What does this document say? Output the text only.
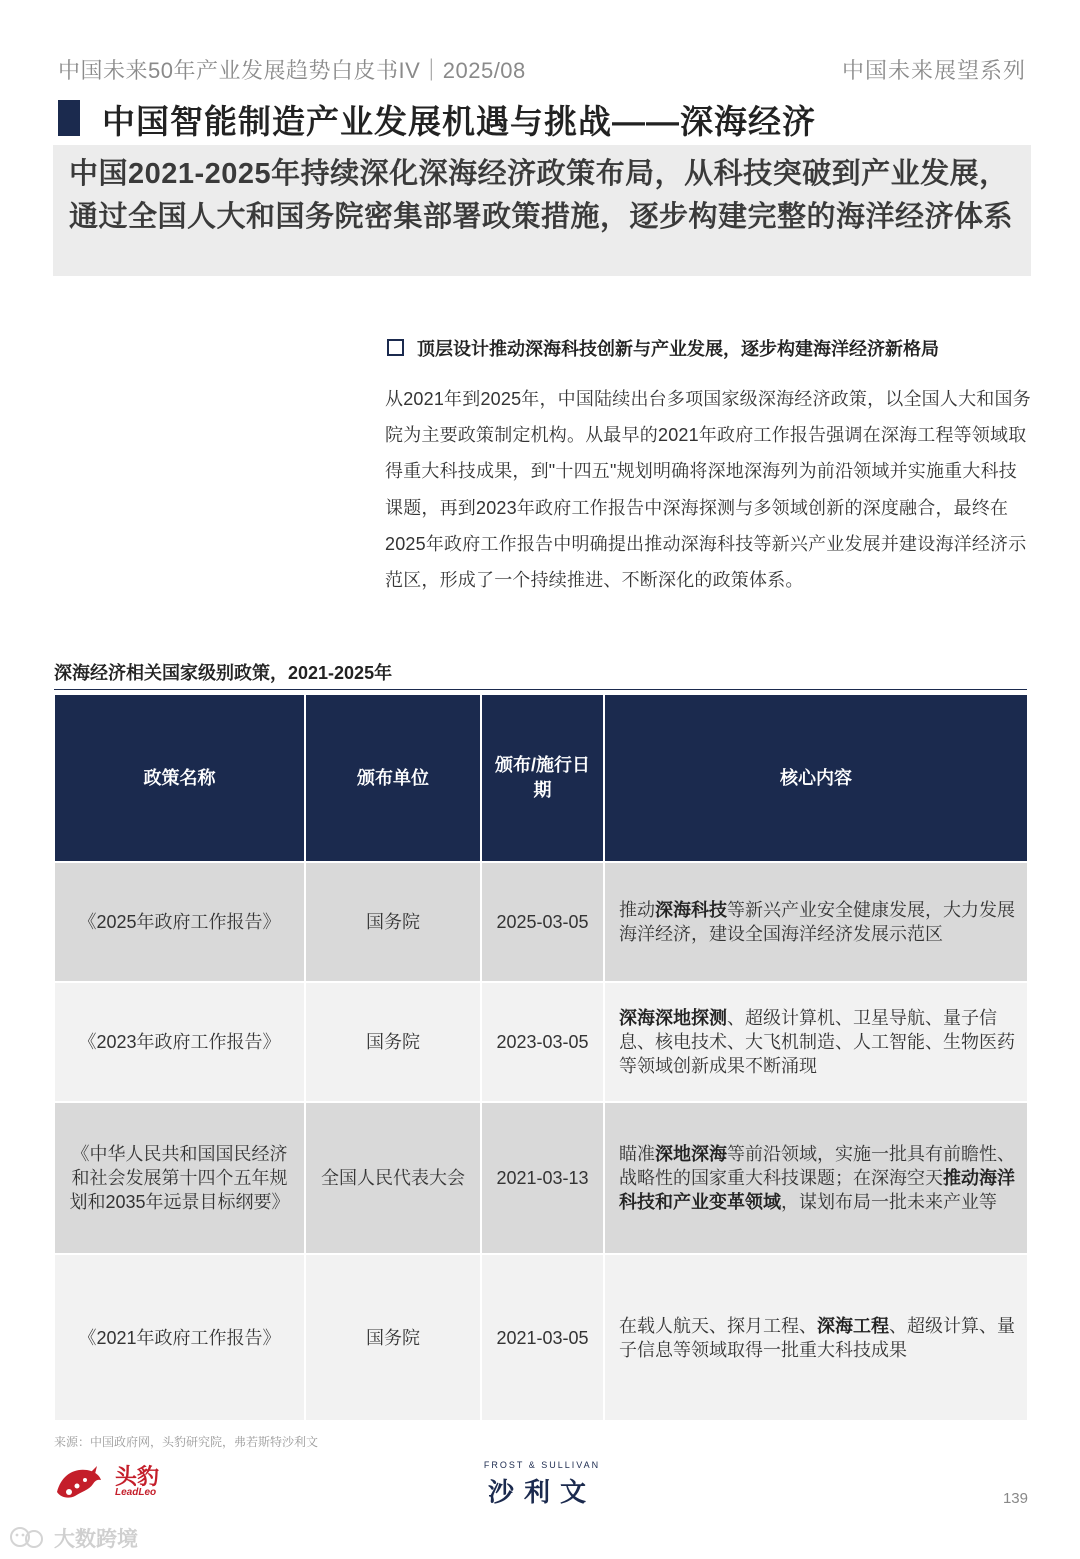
中国未来50年产业发展趋势白皮书IV｜2025/08	中国未来展望系列
中国智能制造产业发展机遇与挑战——深海经济
中国2021-2025年持续深化深海经济政策布局，从科技突破到产业发展，通过全国人大和国务院密集部署政策措施，逐步构建完整的海洋经济体系
顶层设计推动深海科技创新与产业发展，逐步构建海洋经济新格局
从2021年到2025年，中国陆续出台多项国家级深海经济政策，以全国人大和国务院为主要政策制定机构。从最早的2021年政府工作报告强调在深海工程等领域取得重大科技成果，到"十四五"规划明确将深地深海列为前沿领域并实施重大科技课题，再到2023年政府工作报告中深海探测与多领域创新的深度融合，最终在2025年政府工作报告中明确提出推动深海科技等新兴产业发展并建设海洋经济示范区，形成了一个持续推进、不断深化的政策体系。
深海经济相关国家级别政策，2021-2025年
政策名称	颁布单位	颁布/施行日期	核心内容
《2025年政府工作报告》	国务院	2025-03-05	推动深海科技等新兴产业安全健康发展，大力发展海洋经济，建设全国海洋经济发展示范区
《2023年政府工作报告》	国务院	2023-03-05	深海深地探测、超级计算机、卫星导航、量子信息、核电技术、大飞机制造、人工智能、生物医药等领域创新成果不断涌现
《中华人民共和国国民经济和社会发展第十四个五年规划和2035年远景目标纲要》	全国人民代表大会	2021-03-13	瞄准深地深海等前沿领域，实施一批具有前瞻性、战略性的国家重大科技课题；在深海空天推动海洋科技和产业变革领域，谋划布局一批未来产业等
《2021年政府工作报告》	国务院	2021-03-05	在载人航天、探月工程、深海工程、超级计算、量子信息等领域取得一批重大科技成果
来源：中国政府网，头豹研究院，弗若斯特沙利文
头豹
LeadLeo
FROST & SULLIVAN
沙利文	139
大数跨境
